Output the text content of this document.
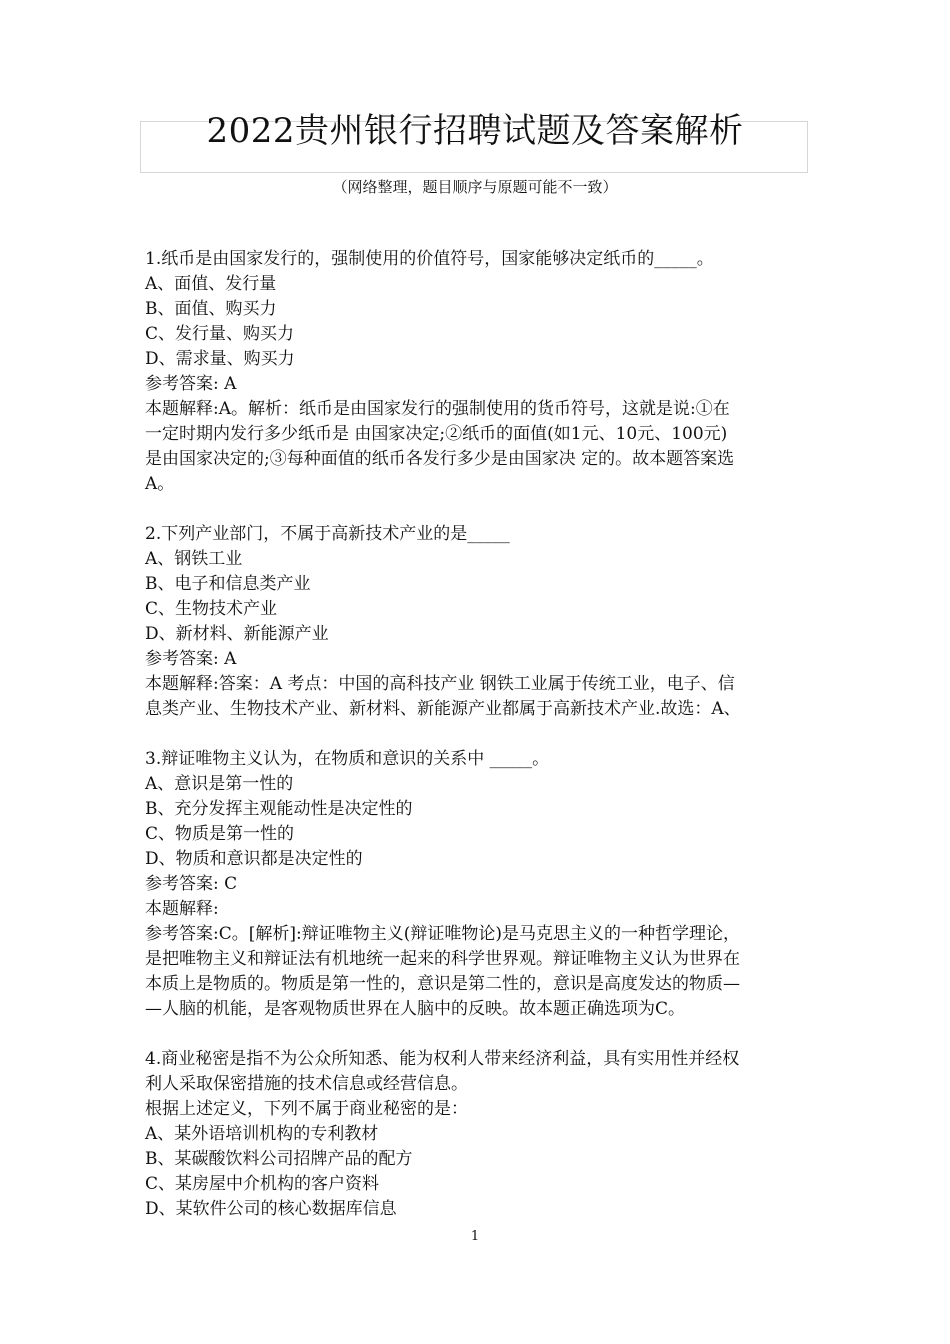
2022贵州银行招聘试题及答案解析
（网络整理，题目顺序与原题可能不一致）
1.纸币是由国家发行的，强制使用的价值符号，国家能够决定纸币的_____。
A、面值、发行量
B、面值、购买力
C、发行量、购买力
D、需求量、购买力
参考答案: A
本题解释:A。解析：纸币是由国家发行的强制使用的货币符号，这就是说:①在
一定时期内发行多少纸币是 由国家决定;②纸币的面值(如1元、10元、100元)
是由国家决定的;③每种面值的纸币各发行多少是由国家决 定的。故本题答案选
A。
2.下列产业部门，不属于高新技术产业的是_____
A、钢铁工业
B、电子和信息类产业
C、生物技术产业
D、新材料、新能源产业
参考答案: A
本题解释:答案：A 考点：中国的高科技产业 钢铁工业属于传统工业，电子、信
息类产业、生物技术产业、新材料、新能源产业都属于高新技术产业.故选：A、
3.辩证唯物主义认为，在物质和意识的关系中 _____。
A、意识是第一性的
B、充分发挥主观能动性是决定性的
C、物质是第一性的
D、物质和意识都是决定性的
参考答案: C
本题解释:
参考答案:C。[解析]:辩证唯物主义(辩证唯物论)是马克思主义的一种哲学理论，
是把唯物主义和辩证法有机地统一起来的科学世界观。辩证唯物主义认为世界在
本质上是物质的。物质是第一性的，意识是第二性的，意识是高度发达的物质—
—人脑的机能，是客观物质世界在人脑中的反映。故本题正确选项为C。
4.商业秘密是指不为公众所知悉、能为权利人带来经济利益，具有实用性并经权
利人采取保密措施的技术信息或经营信息。
根据上述定义，下列不属于商业秘密的是：
A、某外语培训机构的专利教材
B、某碳酸饮料公司招牌产品的配方
C、某房屋中介机构的客户资料
D、某软件公司的核心数据库信息
1
